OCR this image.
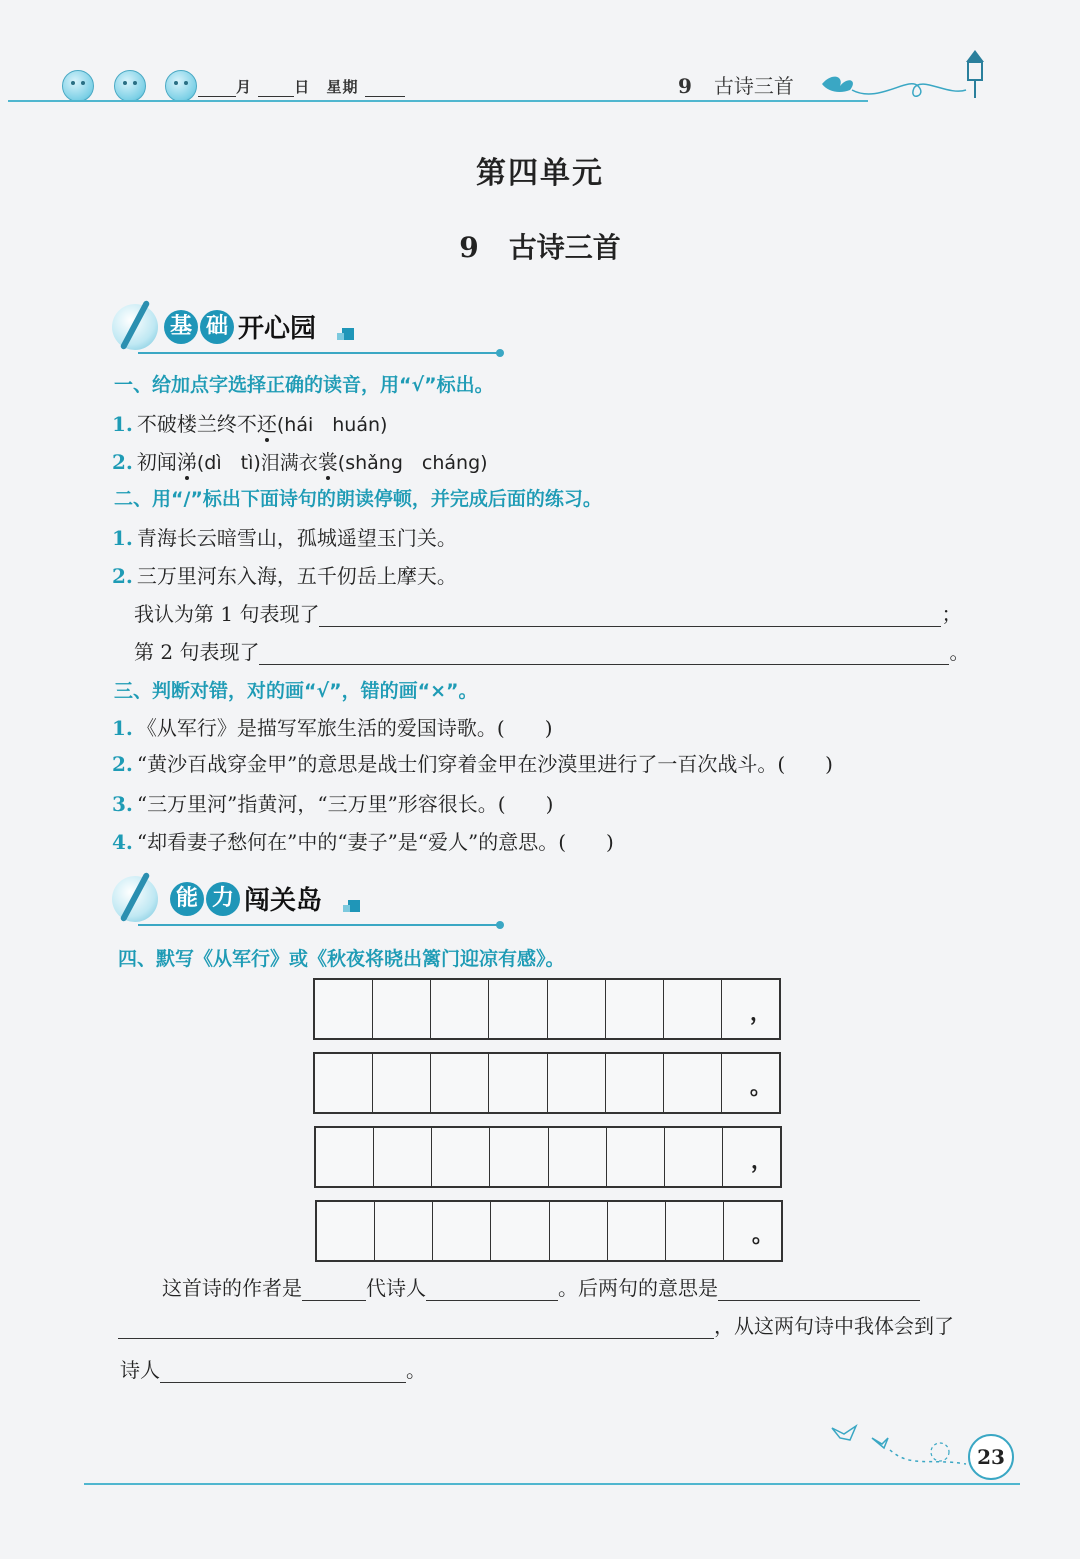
月	日 星期	9 古诗三首
第四单元
9 古诗三首
基 础 开心园
一、给加点字选择正确的读音，用“√”标出。
1. 不破楼兰终不还(hái　huán)
2. 初闻涕(dì　tì)泪满衣裳(shǎng　cháng)
二、用“/”标出下面诗句的朗读停顿，并完成后面的练习。
1. 青海长云暗雪山，孤城遥望玉门关。
2. 三万里河东入海，五千仞岳上摩天。
我认为第 1 句表现了	；
第 2 句表现了	。
三、判断对错，对的画“√”，错的画“×”。
1. 《从军行》是描写军旅生活的爱国诗歌。(　　)
2. “黄沙百战穿金甲”的意思是战士们穿着金甲在沙漠里进行了一百次战斗。(　　)
3. “三万里河”指黄河，“三万里”形容很长。(　　)
4. “却看妻子愁何在”中的“妻子”是“爱人”的意思。(　　)
能 力 闯关岛
四、默写《从军行》或《秋夜将晓出篱门迎凉有感》。
，
。
，
。
这首诗的作者是	代诗人	。后两句的意思是
，从这两句诗中我体会到了
诗人	。
23
